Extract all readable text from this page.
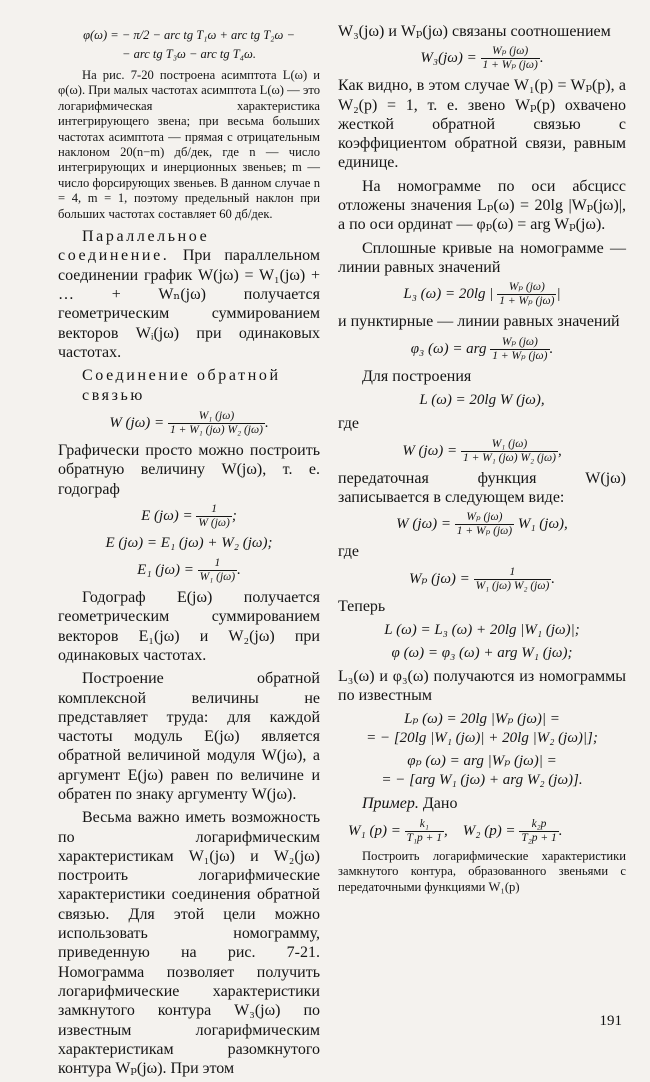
φ(ω) = − π/2 − arc tg T₁ω + arc tg T₂ω −
− arc tg T₃ω − arc tg T₄ω.

На рис. 7-20 построена асимптота L(ω) и φ(ω). При малых частотах асимптота L(ω) — это логарифмическая характеристика интегрирующего звена; при весьма больших частотах асимптота — прямая с отрицательным наклоном 20(n−m) дб/дек, где n — число интегрирующих и инерционных звеньев; m — число форсирующих звеньев. В данном случае n = 4, m = 1, поэтому предельный наклон при больших частотах составляет 60 дб/дек.

Параллельное соединение. При параллельном соединении график W(jω) = W₁(jω) + … + Wₙ(jω) получается геометрическим суммированием векторов Wᵢ(jω) при одинаковых частотах.

Соединение обратной связью
W $(j\omega) = \frac{\text{W₁ (jω)}}{\text{1 + W₁ (jω) W₂ (jω)}}$ .

Графически просто можно построить обратную величину W(jω), т. е. годограф

E $(j\omega) = \frac{1}{W (j\omega)}$ ;
E (jω) = E₁ (jω) + W₂ (jω);
E₁ $(j\omega) = \frac{1}{\text{W₁ (jω)}}$ .

Годограф E(jω) получается геометрическим суммированием векторов E₁(jω) и W₂(jω) при одинаковых частотах.

Построение обратной комплексной величины не представляет труда: для каждой частоты модуль E(jω) является обратной величиной модуля W(jω), а аргумент E(jω) равен по величине и обратен по знаку аргументу W(jω).

Весьма важно иметь возможность по логарифмическим характеристикам W₁(jω) и W₂(jω) построить логарифмические характеристики соединения обратной связью. Для этой цели можно использовать номограмму, приведенную на рис. 7-21. Номограмма позволяет получить логарифмические характеристики замкнутого контура W₃(jω) по известным логарифмическим характеристикам разомкнутого контура Wₚ(jω). При этом

W₃(jω) и Wₚ(jω) связаны соотношением

$W_3(j\omega) = \frac{\text{Wₚ (jω)}}{\text{1 + Wₚ (jω)}}$ .

Как видно, в этом случае W₁(p) = Wₚ(p), а W₂(p) = 1, т. е. звено Wₚ(p) охвачено жесткой обратной связью с коэффициентом обратной связи, равным единице.

На номограмме по оси абсцисс отложены значения Lₚ(ω) = 20lg |Wₚ(jω)|, а по оси ординат — φₚ(ω) = arg Wₚ(jω).

Сплошные кривые на номограмме — линии равных значений

L₃ (ω) = 20lg | $\frac{\text{Wₚ (jω)}}{\text{1 + Wₚ (jω)}}$ |

и пунктирные — линии равных значений

φ₃ (ω) = arg $\frac{\text{Wₚ (jω)}}{\text{1 + Wₚ (jω)}}$ .
Для построения
L (ω) = 20lg W (jω),
где
W $(j\omega) = \frac{\text{W₁ (jω)}}{\text{1 + W₁ (jω) W₂ (jω)}}$ ,

передаточная функция W(jω) записывается в следующем виде:

W $(j\omega) = \frac{\text{Wₚ (jω)}}{\text{1 + Wₚ (jω)}} W_1$ (jω),
где
Wₚ $(j\omega) = \frac{1}{\text{W₁ (jω) W₂ (jω)}}$ .
Теперь
L (ω) = L₃ (ω) + 20lg |W₁ (jω)|;
φ (ω) = φ₃ (ω) + arg W₁ (jω);

L₃(ω) и φ₃(ω) получаются из номограммы по известным

Lₚ (ω) = 20lg |Wₚ (jω)| =
= − [20lg |W₁ (jω)| + 20lg |W₂ (jω)|];
φₚ (ω) = arg |Wₚ (jω)| =
= − [arg W₁ (jω) + arg W₂ (jω)].
Пример. Дано
W₁ $(p) = \frac{\text{k₁}}{\text{T₁p + 1}}$ ,    W₂ $(p) = \frac{\text{k₂p}}{\text{T₂p + 1}}$ .

Построить логарифмические характеристики замкнутого контура, образованного звеньями с передаточными функциями W₁(p)

191
